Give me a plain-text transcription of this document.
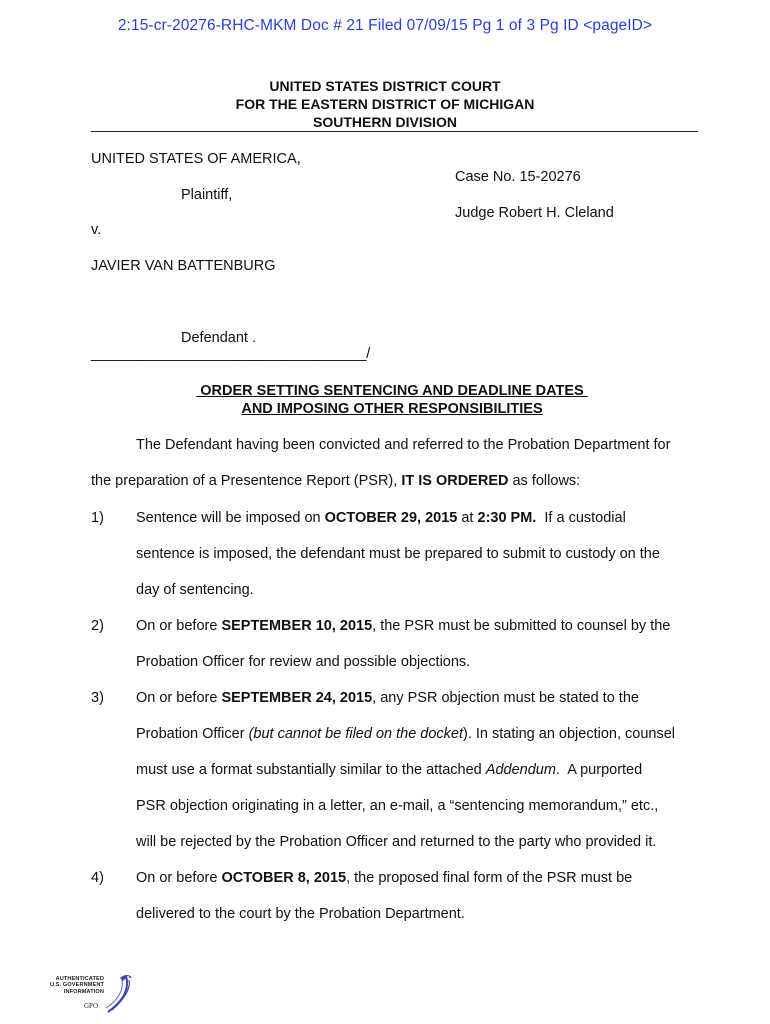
2:15-cr-20276-RHC-MKM Doc # 21 Filed 07/09/15 Pg 1 of 3 Pg ID <pageID>
UNITED STATES DISTRICT COURT
FOR THE EASTERN DISTRICT OF MICHIGAN
SOUTHERN DIVISION
UNITED STATES OF AMERICA,
Plaintiff,
v.
JAVIER VAN BATTENBURG
Defendant .
___________________________________/
Case No. 15-20276
Judge Robert H. Cleland
ORDER SETTING SENTENCING AND DEADLINE DATES
AND IMPOSING OTHER RESPONSIBILITIES
The Defendant having been convicted and referred to the Probation Department for
the preparation of a Presentence Report (PSR), IT IS ORDERED as follows:
1) Sentence will be imposed on OCTOBER 29, 2015 at 2:30 PM.  If a custodial
sentence is imposed, the defendant must be prepared to submit to custody on the
day of sentencing.
2) On or before SEPTEMBER 10, 2015, the PSR must be submitted to counsel by the
Probation Officer for review and possible objections.
3) On or before SEPTEMBER 24, 2015, any PSR objection must be stated to the
Probation Officer (but cannot be filed on the docket). In stating an objection, counsel
must use a format substantially similar to the attached Addendum.  A purported
PSR objection originating in a letter, an e-mail, a “sentencing memorandum,” etc.,
will be rejected by the Probation Officer and returned to the party who provided it.
4) On or before OCTOBER 8, 2015, the proposed final form of the PSR must be
delivered to the court by the Probation Department.
AUTHENTICATED
U.S. GOVERNMENT
INFORMATION
GPO
